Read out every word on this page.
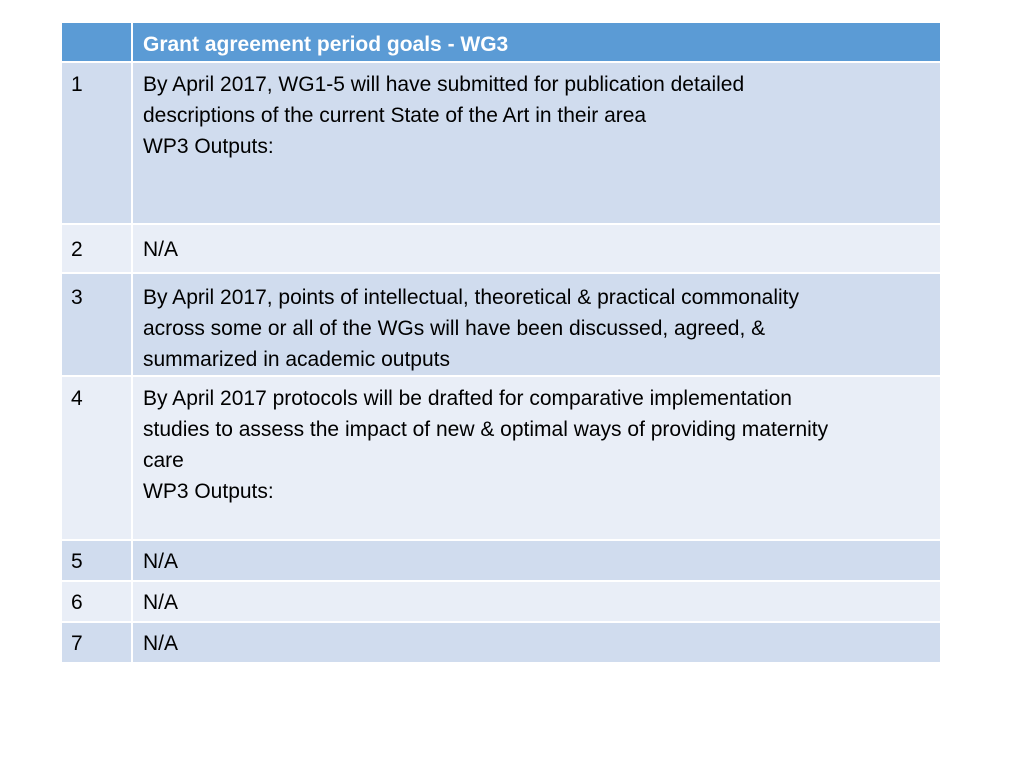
	Grant agreement period goals - WG3
1	By April 2017, WG1-5 will have submitted for publication detailed
descriptions of the current State of the Art in their area
WP3 Outputs:

2	N/A

3	By April 2017, points of intellectual, theoretical & practical commonality
across some or all of the WGs will have been discussed, agreed, &
summarized in academic outputs

4	By April 2017 protocols will be drafted for comparative implementation
studies to assess the impact of new & optimal ways of providing maternity
care
WP3 Outputs:

5	N/A

6	N/A

7	N/A
